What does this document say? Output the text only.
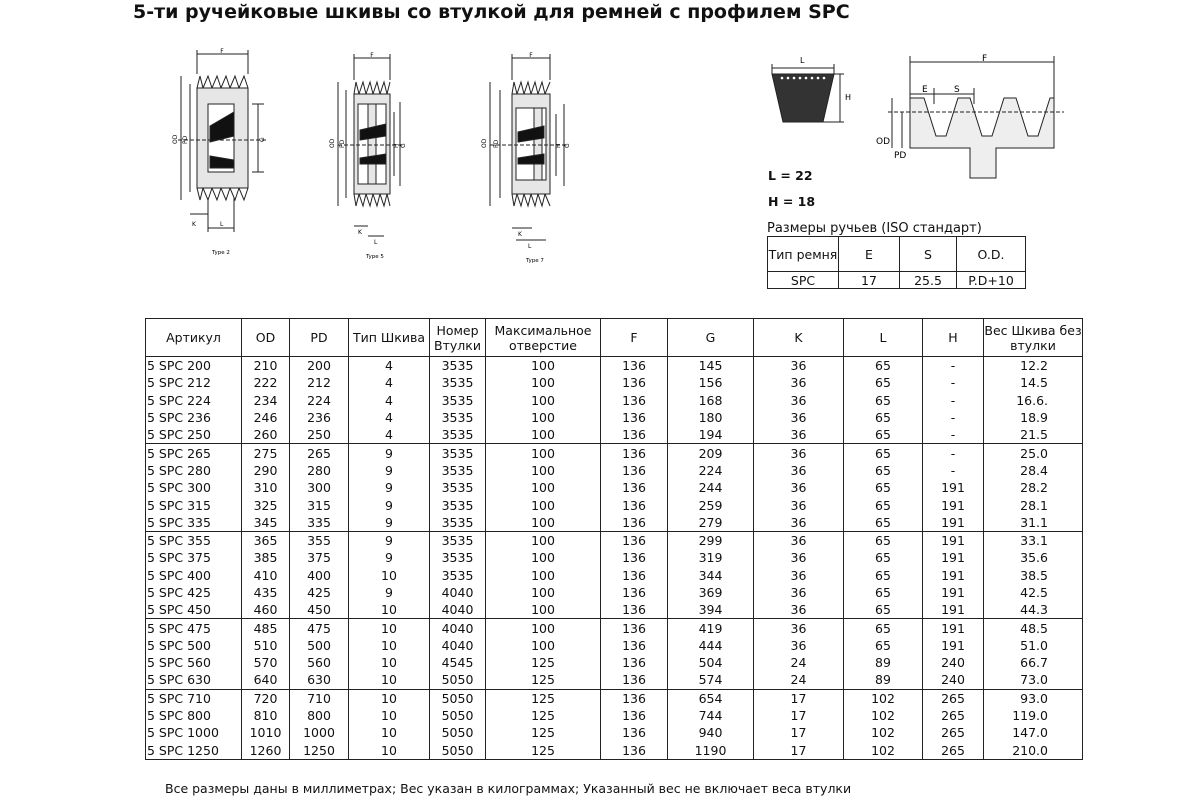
5-ти ручейковые шкивы со втулкой для ремней с профилем SPC
F
OD PD	G
K	L
Type 2
F
OD PD	H G
K
L
Type 5
F
OD PD	H G
K
L
Type 7
L
H
F
E	S
OD
PD
L = 22
H = 18
Размеры ручьев (ISO стандарт)
Тип ремня	E	S	O.D.
SPC	17	25.5	P.D+10
Артикул	OD	PD	Тип Шкива	Номер Втулки	Максимальное отверстие	F	G	K	L	H	Вес Шкива без втулки
5 SPC 200	210	200	4	3535	100	136	145	36	65	-	12.2
5 SPC 212	222	212	4	3535	100	136	156	36	65	-	14.5
5 SPC 224	234	224	4	3535	100	136	168	36	65	-	16.6.
5 SPC 236	246	236	4	3535	100	136	180	36	65	-	18.9
5 SPC 250	260	250	4	3535	100	136	194	36	65	-	21.5
5 SPC 265	275	265	9	3535	100	136	209	36	65	-	25.0
5 SPC 280	290	280	9	3535	100	136	224	36	65	-	28.4
5 SPC 300	310	300	9	3535	100	136	244	36	65	191	28.2
5 SPC 315	325	315	9	3535	100	136	259	36	65	191	28.1
5 SPC 335	345	335	9	3535	100	136	279	36	65	191	31.1
5 SPC 355	365	355	9	3535	100	136	299	36	65	191	33.1
5 SPC 375	385	375	9	3535	100	136	319	36	65	191	35.6
5 SPC 400	410	400	10	3535	100	136	344	36	65	191	38.5
5 SPC 425	435	425	9	4040	100	136	369	36	65	191	42.5
5 SPC 450	460	450	10	4040	100	136	394	36	65	191	44.3
5 SPC 475	485	475	10	4040	100	136	419	36	65	191	48.5
5 SPC 500	510	500	10	4040	100	136	444	36	65	191	51.0
5 SPC 560	570	560	10	4545	125	136	504	24	89	240	66.7
5 SPC 630	640	630	10	5050	125	136	574	24	89	240	73.0
5 SPC 710	720	710	10	5050	125	136	654	17	102	265	93.0
5 SPC 800	810	800	10	5050	125	136	744	17	102	265	119.0
5 SPC 1000	1010	1000	10	5050	125	136	940	17	102	265	147.0
5 SPC 1250	1260	1250	10	5050	125	136	1190	17	102	265	210.0
Все размеры даны в миллиметрах; Вес указан в килограммах; Указанный вес не включает веса втулки
